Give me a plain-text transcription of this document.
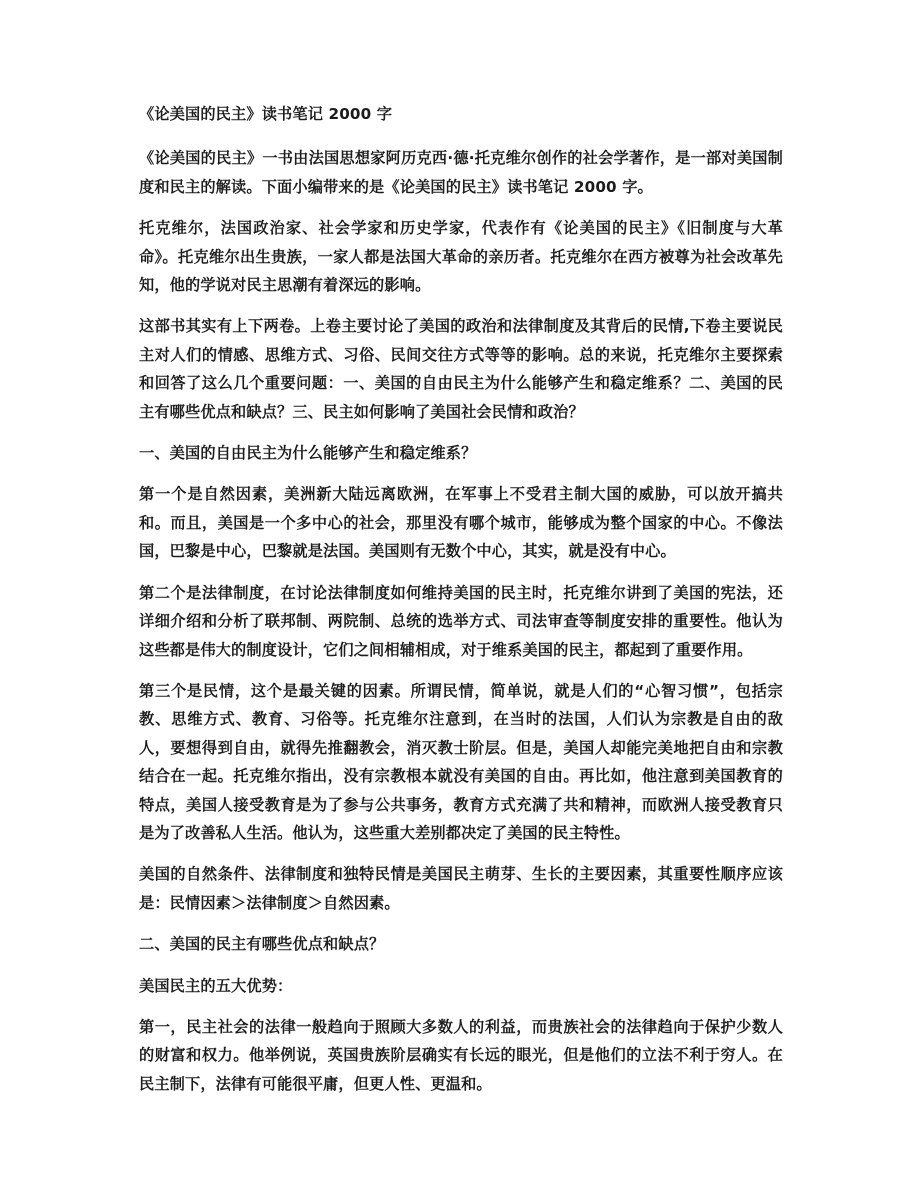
《论美国的民主》读书笔记 2000 字

《论美国的民主》一书由法国思想家阿历克西·德·托克维尔创作的社会学著作，是一部对美国制度和民主的解读。下面小编带来的是《论美国的民主》读书笔记 2000 字。

托克维尔，法国政治家、社会学家和历史学家，代表作有《论美国的民主》《旧制度与大革命》。托克维尔出生贵族，一家人都是法国大革命的亲历者。托克维尔在西方被尊为社会改革先知，他的学说对民主思潮有着深远的影响。

这部书其实有上下两卷。上卷主要讨论了美国的政治和法律制度及其背后的民情,下卷主要说民主对人们的情感、思维方式、习俗、民间交往方式等等的影响。总的来说，托克维尔主要探索和回答了这么几个重要问题：一、美国的自由民主为什么能够产生和稳定维系？二、美国的民主有哪些优点和缺点？三、民主如何影响了美国社会民情和政治？

一、美国的自由民主为什么能够产生和稳定维系？

第一个是自然因素，美洲新大陆远离欧洲，在军事上不受君主制大国的威胁，可以放开搞共和。而且，美国是一个多中心的社会，那里没有哪个城市，能够成为整个国家的中心。不像法国，巴黎是中心，巴黎就是法国。美国则有无数个中心，其实，就是没有中心。

第二个是法律制度，在讨论法律制度如何维持美国的民主时，托克维尔讲到了美国的宪法，还详细介绍和分析了联邦制、两院制、总统的选举方式、司法审查等制度安排的重要性。他认为这些都是伟大的制度设计，它们之间相辅相成，对于维系美国的民主，都起到了重要作用。

第三个是民情，这个是最关键的因素。所谓民情，简单说，就是人们的“心智习惯”，包括宗教、思维方式、教育、习俗等。托克维尔注意到，在当时的法国，人们认为宗教是自由的敌人，要想得到自由，就得先推翻教会，消灭教士阶层。但是，美国人却能完美地把自由和宗教结合在一起。托克维尔指出，没有宗教根本就没有美国的自由。再比如，他注意到美国教育的特点，美国人接受教育是为了参与公共事务，教育方式充满了共和精神，而欧洲人接受教育只是为了改善私人生活。他认为，这些重大差别都决定了美国的民主特性。

美国的自然条件、法律制度和独特民情是美国民主萌芽、生长的主要因素，其重要性顺序应该是：民情因素＞法律制度＞自然因素。

二、美国的民主有哪些优点和缺点？

美国民主的五大优势：

第一，民主社会的法律一般趋向于照顾大多数人的利益，而贵族社会的法律趋向于保护少数人的财富和权力。他举例说，英国贵族阶层确实有长远的眼光，但是他们的立法不利于穷人。在民主制下，法律有可能很平庸，但更人性、更温和。
